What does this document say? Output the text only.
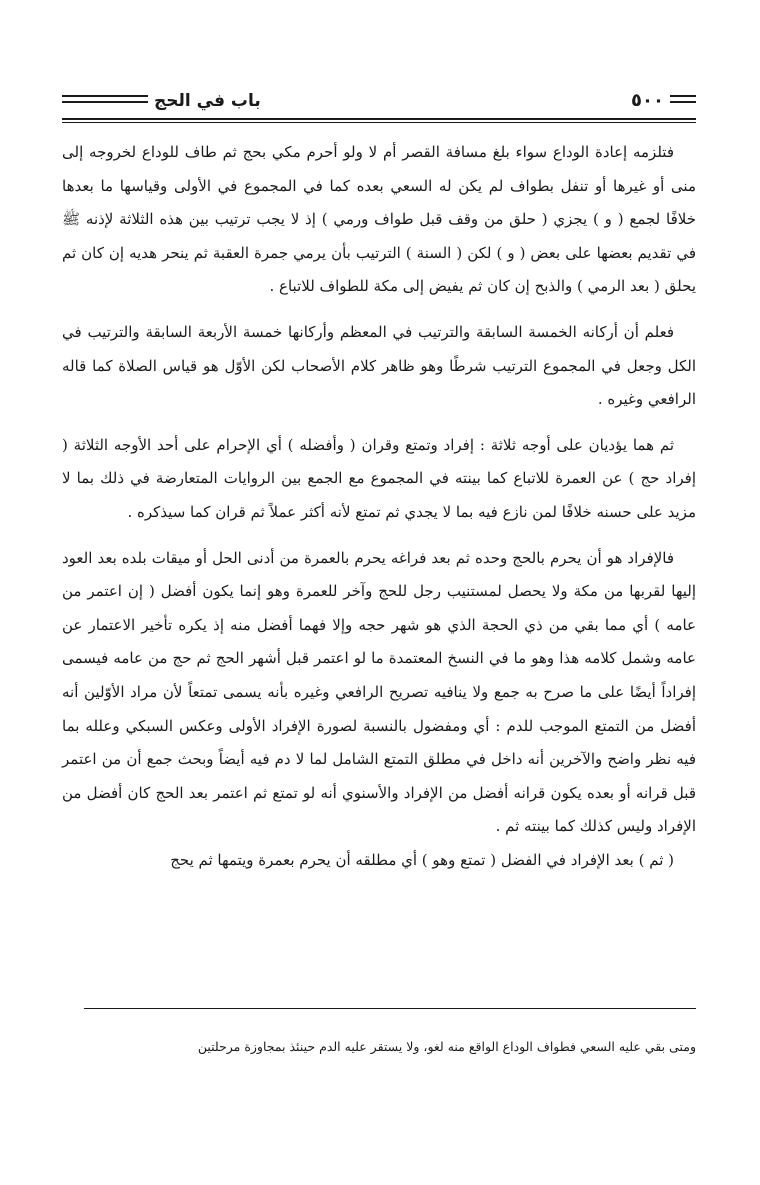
٥٠٠
باب في الحج

فتلزمه إعادة الوداع سواء بلغ مسافة القصر أم لا ولو أحرم مكي بحج ثم طاف للوداع لخروجه إلى منى أو غيرها أو تنفل بطواف لم يكن له السعي بعده كما في المجموع في الأولى وقياسها ما بعدها خلافًا لجمع ( و ) يجزي ( حلق من وقف قبل طواف ورمي ) إذ لا يجب ترتيب بين هذه الثلاثة لإذنه ﷺ في تقديم بعضها على بعض ( و ) لكن ( السنة ) الترتيب بأن يرمي جمرة العقبة ثم ينحر هديه إن كان ثم يحلق ( بعد الرمي ) والذبح إن كان ثم يفيض إلى مكة للطواف للاتباع .

فعلم أن أركانه الخمسة السابقة والترتيب في المعظم وأركانها خمسة الأربعة السابقة والترتيب في الكل وجعل في المجموع الترتيب شرطًا وهو ظاهر كلام الأصحاب لكن الأوّل هو قياس الصلاة كما قاله الرافعي وغيره .

ثم هما يؤديان على أوجه ثلاثة : إفراد وتمتع وقران ( وأفضله ) أي الإحرام على أحد الأوجه الثلاثة ( إفراد حج ) عن العمرة للاتباع كما بينته في المجموع مع الجمع بين الروايات المتعارضة في ذلك بما لا مزيد على حسنه خلافًا لمن نازع فيه بما لا يجدي ثم تمتع لأنه أكثر عملاً ثم قران كما سيذكره .

فالإفراد هو أن يحرم بالحج وحده ثم بعد فراغه يحرم بالعمرة من أدنى الحل أو ميقات بلده بعد العود إليها لقربها من مكة ولا يحصل لمستنيب رجل للحج وآخر للعمرة وهو إنما يكون أفضل ( إن اعتمر من عامه ) أي مما بقي من ذي الحجة الذي هو شهر حجه وإلا فهما أفضل منه إذ يكره تأخير الاعتمار عن عامه وشمل كلامه هذا وهو ما في النسخ المعتمدة ما لو اعتمر قبل أشهر الحج ثم حج من عامه فيسمى إفراداً أيضًا على ما صرح به جمع ولا ينافيه تصريح الرافعي وغيره بأنه يسمى تمتعاً لأن مراد الأوّلين أنه أفضل من التمتع الموجب للدم : أي ومفضول بالنسبة لصورة الإفراد الأولى وعكس السبكي وعلله بما فيه نظر واضح والآخرين أنه داخل في مطلق التمتع الشامل لما لا دم فيه أيضاً وبحث جمع أن من اعتمر قبل قرانه أو بعده يكون قرانه أفضل من الإفراد والأسنوي أنه لو تمتع ثم اعتمر بعد الحج كان أفضل من الإفراد وليس كذلك كما بينته ثم .

( ثم ) بعد الإفراد في الفضل ( تمتع وهو ) أي مطلقه أن يحرم بعمرة ويتمها ثم يحج

ومتى بقي عليه السعي فطواف الوداع الواقع منه لغو، ولا يستقر عليه الدم حينئذ بمجاوزة مرحلتين
